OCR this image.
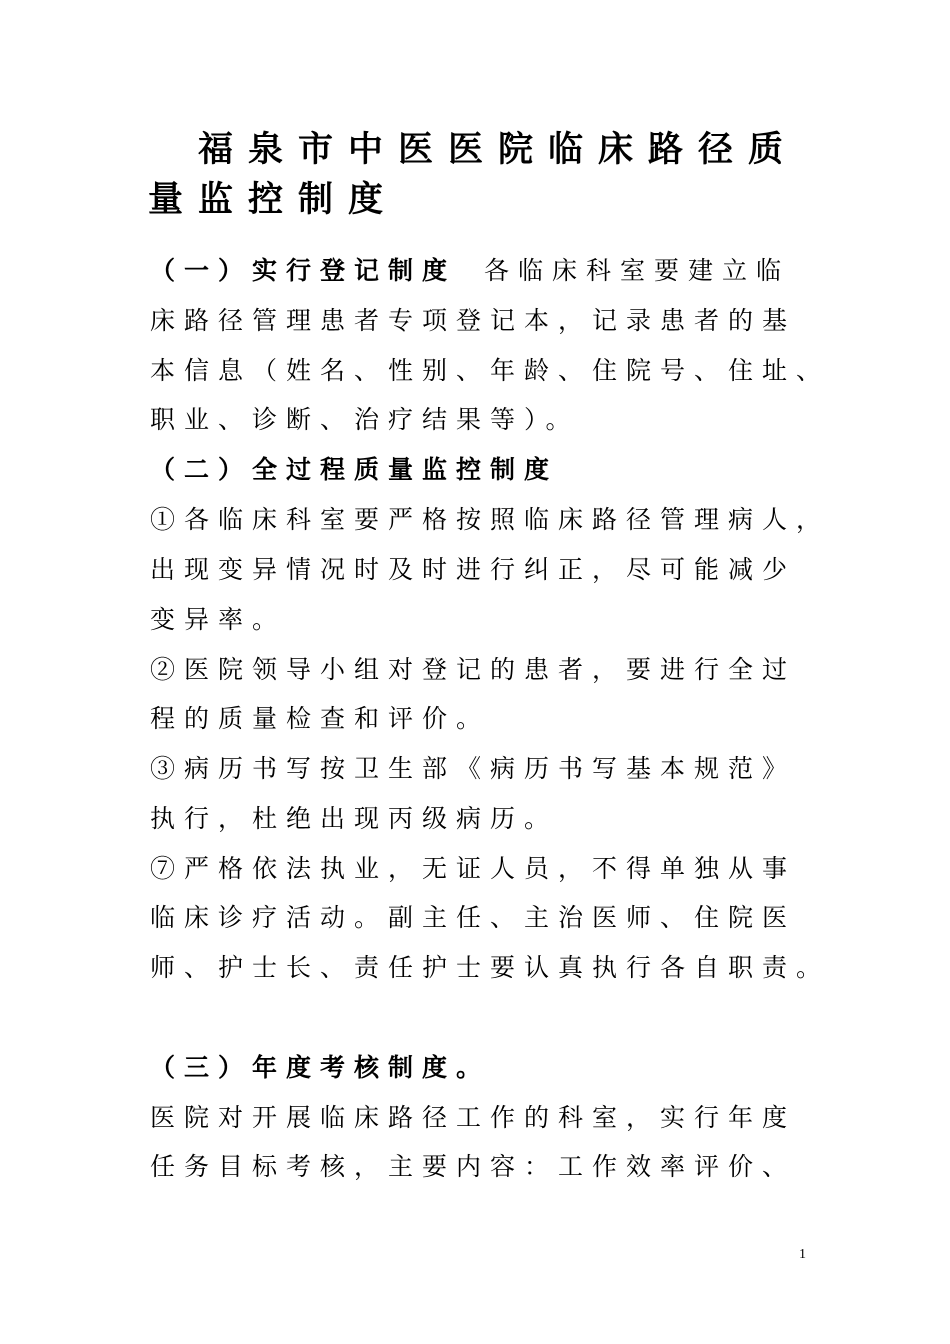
福泉市中医医院临床路径质
量监控制度
（一）实行登记制度 各临床科室要建立临
床路径管理患者专项登记本，记录患者的基
本信息（姓名、性别、年龄、住院号、住址、
职业、诊断、治疗结果等）。
（二）全过程质量监控制度
①各临床科室要严格按照临床路径管理病人，
出现变异情况时及时进行纠正，尽可能减少
变异率。
②医院领导小组对登记的患者，要进行全过
程的质量检查和评价。
③病历书写按卫生部《病历书写基本规范》
执行，杜绝出现丙级病历。
⑦严格依法执业，无证人员，不得单独从事
临床诊疗活动。副主任、主治医师、住院医
师、护士长、责任护士要认真执行各自职责。
（三）年度考核制度。
医院对开展临床路径工作的科室，实行年度
任务目标考核，主要内容：工作效率评价、
1
